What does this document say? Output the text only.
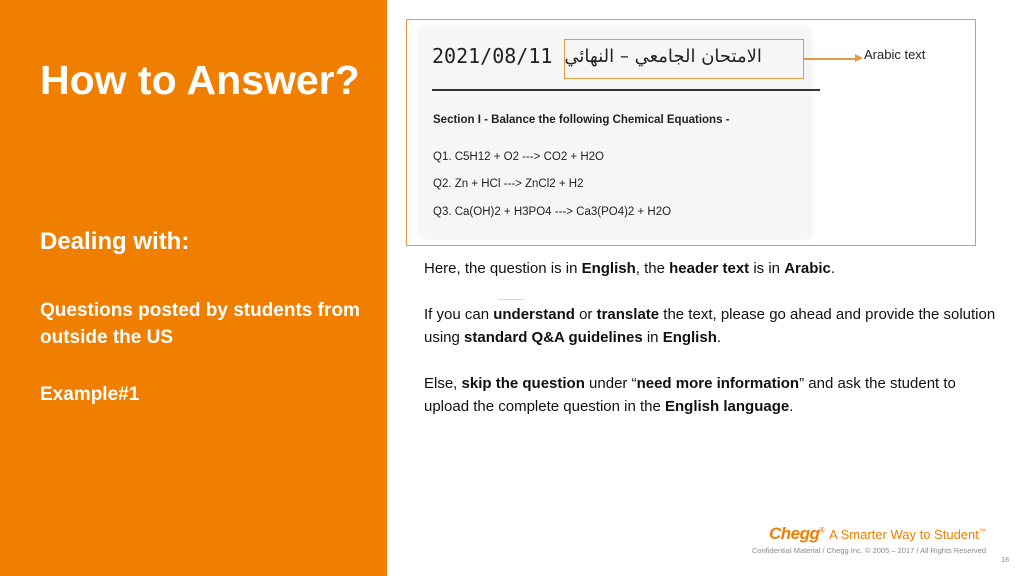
How to Answer?
Dealing with:

Questions posted by students from outside the US

Example#1

2021/08/11 الامتحان الجامعي – النهائي	Arabic text
Section I - Balance the following Chemical Equations -
Q1. C5H12 + O2 ---> CO2 + H2O
Q2. Zn + HCl ---> ZnCl2 + H2
Q3. Ca(OH)2 + H3PO4 ---> Ca3(PO4)2 + H2O

Here, the question is in English, the header text is in Arabic.

If you can understand or translate the text, please go ahead and provide the solution using standard Q&A guidelines in English.

Else, skip the question under “need more information” and ask the student to upload the complete question in the English language.

Chegg® A Smarter Way to Student™
Confidential Material / Chegg Inc. © 2005 – 2017 / All Rights Reserved
18
